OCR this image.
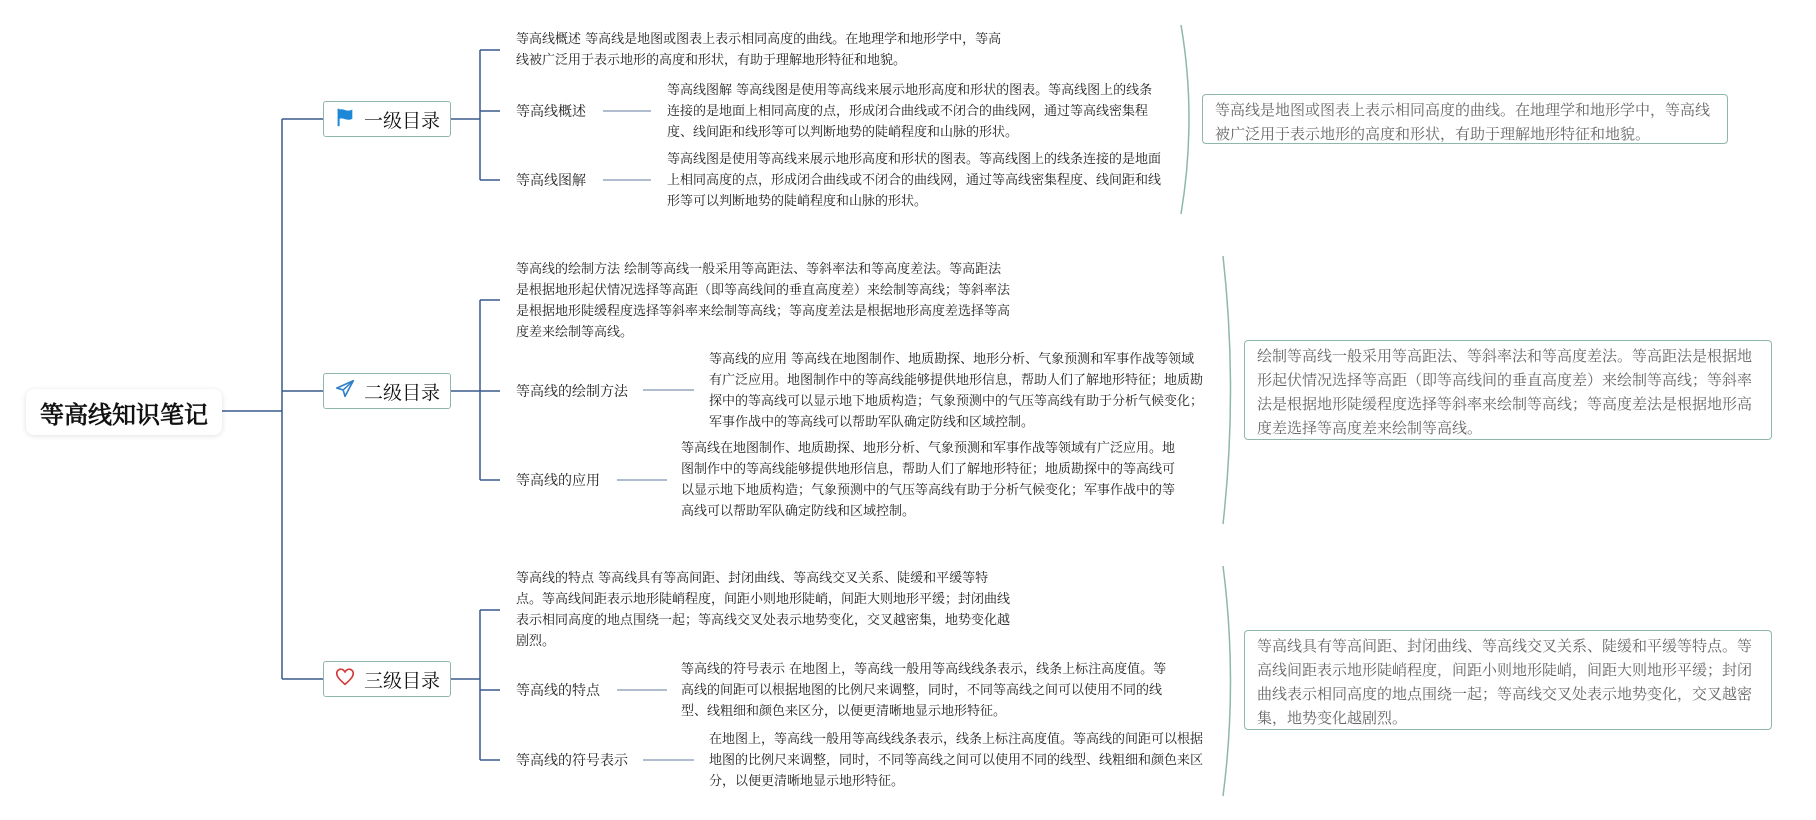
等高线知识笔记
一级目录
等高线概述 等高线是地图或图表上表示相同高度的曲线。在地理学和地形学中，等高线被广泛用于表示地形的高度和形状，有助于理解地形特征和地貌。
等高线概述
等高线图解 等高线图是使用等高线来展示地形高度和形状的图表。等高线图上的线条连接的是地面上相同高度的点，形成闭合曲线或不闭合的曲线网，通过等高线密集程度、线间距和线形等可以判断地势的陡峭程度和山脉的形状。
等高线图解
等高线图是使用等高线来展示地形高度和形状的图表。等高线图上的线条连接的是地面上相同高度的点，形成闭合曲线或不闭合的曲线网，通过等高线密集程度、线间距和线形等可以判断地势的陡峭程度和山脉的形状。
等高线是地图或图表上表示相同高度的曲线。在地理学和地形学中，等高线被广泛用于表示地形的高度和形状，有助于理解地形特征和地貌。
二级目录
等高线的绘制方法 绘制等高线一般采用等高距法、等斜率法和等高度差法。等高距法是根据地形起伏情况选择等高距（即等高线间的垂直高度差）来绘制等高线；等斜率法是根据地形陡缓程度选择等斜率来绘制等高线；等高度差法是根据地形高度差选择等高度差来绘制等高线。
等高线的绘制方法
等高线的应用 等高线在地图制作、地质勘探、地形分析、气象预测和军事作战等领域有广泛应用。地图制作中的等高线能够提供地形信息，帮助人们了解地形特征；地质勘探中的等高线可以显示地下地质构造；气象预测中的气压等高线有助于分析气候变化；军事作战中的等高线可以帮助军队确定防线和区域控制。
等高线的应用
等高线在地图制作、地质勘探、地形分析、气象预测和军事作战等领域有广泛应用。地图制作中的等高线能够提供地形信息，帮助人们了解地形特征；地质勘探中的等高线可以显示地下地质构造；气象预测中的气压等高线有助于分析气候变化；军事作战中的等高线可以帮助军队确定防线和区域控制。
绘制等高线一般采用等高距法、等斜率法和等高度差法。等高距法是根据地形起伏情况选择等高距（即等高线间的垂直高度差）来绘制等高线；等斜率法是根据地形陡缓程度选择等斜率来绘制等高线；等高度差法是根据地形高度差选择等高度差来绘制等高线。
三级目录
等高线的特点 等高线具有等高间距、封闭曲线、等高线交叉关系、陡缓和平缓等特点。等高线间距表示地形陡峭程度，间距小则地形陡峭，间距大则地形平缓；封闭曲线表示相同高度的地点围绕一起；等高线交叉处表示地势变化，交叉越密集，地势变化越剧烈。
等高线的特点
等高线的符号表示 在地图上，等高线一般用等高线线条表示，线条上标注高度值。等高线的间距可以根据地图的比例尺来调整，同时，不同等高线之间可以使用不同的线型、线粗细和颜色来区分，以便更清晰地显示地形特征。
等高线的符号表示
在地图上，等高线一般用等高线线条表示，线条上标注高度值。等高线的间距可以根据地图的比例尺来调整，同时，不同等高线之间可以使用不同的线型、线粗细和颜色来区分，以便更清晰地显示地形特征。
等高线具有等高间距、封闭曲线、等高线交叉关系、陡缓和平缓等特点。等高线间距表示地形陡峭程度，间距小则地形陡峭，间距大则地形平缓；封闭曲线表示相同高度的地点围绕一起；等高线交叉处表示地势变化，交叉越密集，地势变化越剧烈。
